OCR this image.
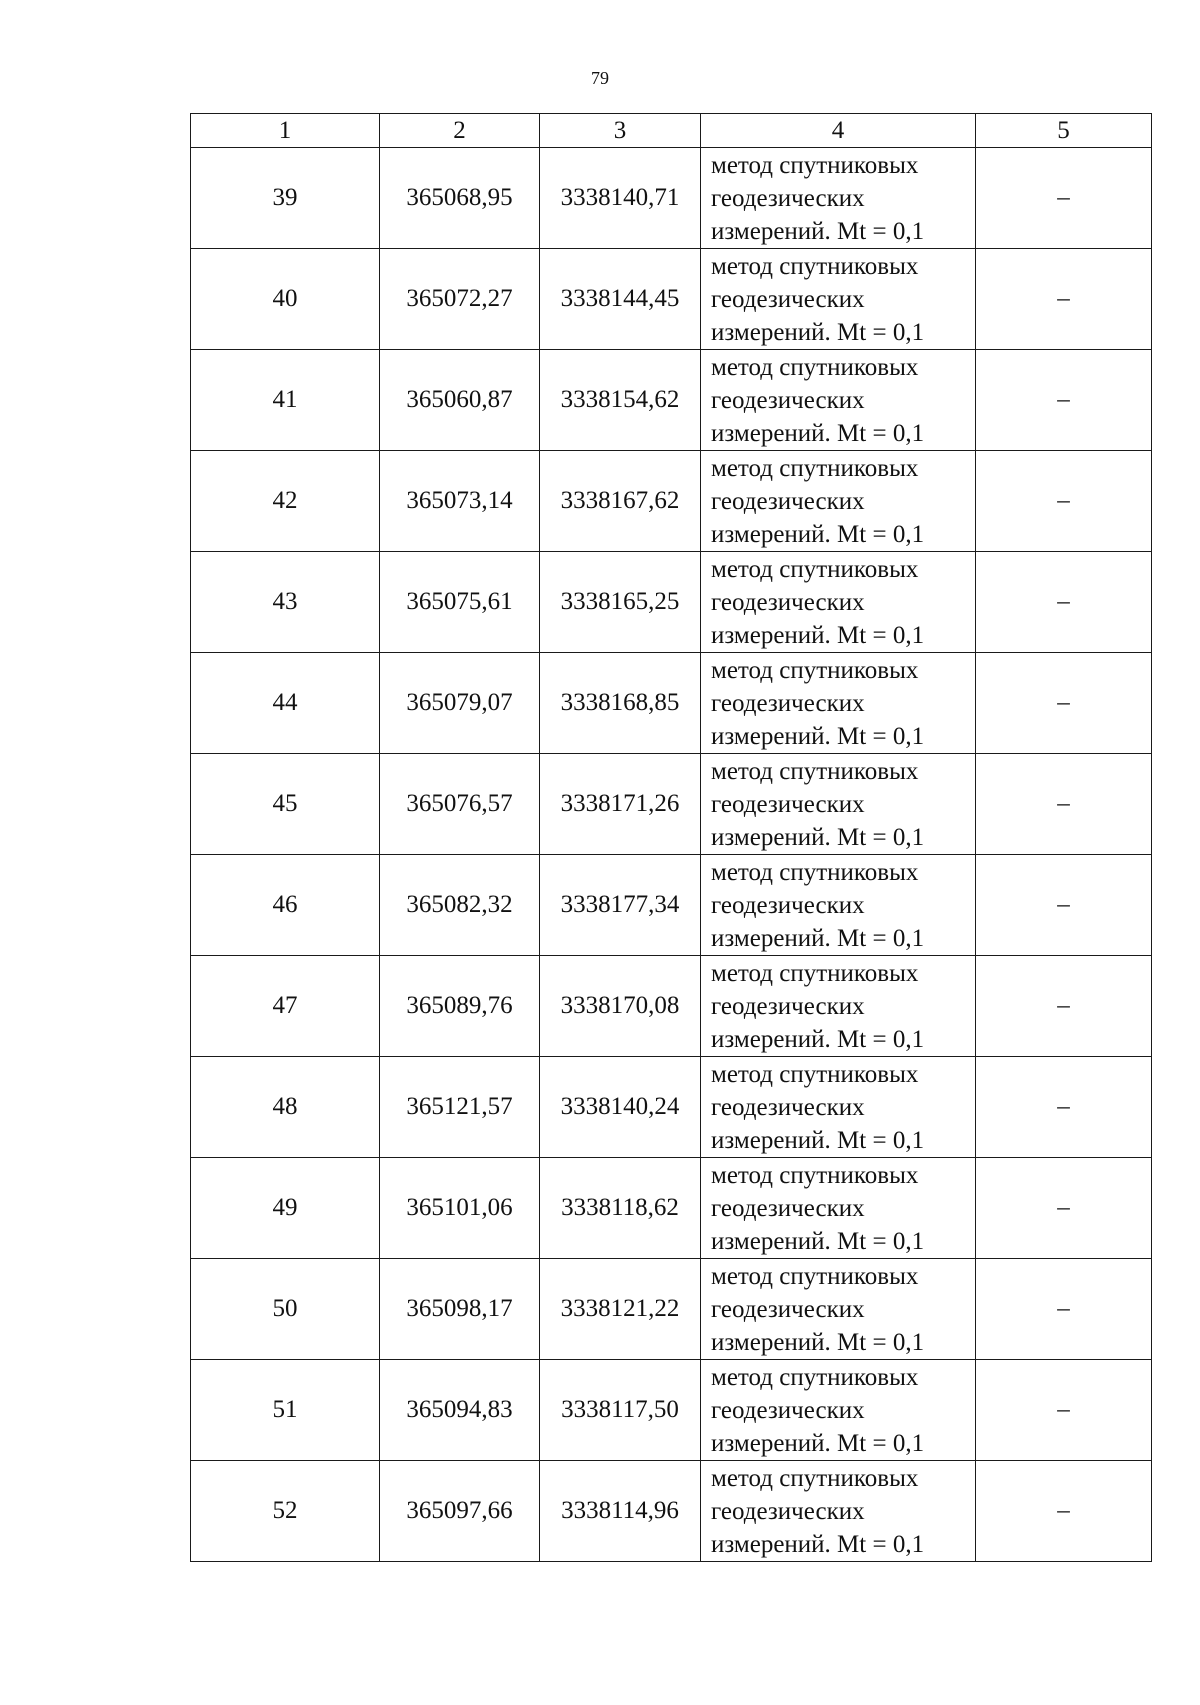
79
1	2	3	4	5
39	365068,95	3338140,71	метод спутниковых геодезических измерений. Mt = 0,1	–
40	365072,27	3338144,45	метод спутниковых геодезических измерений. Mt = 0,1	–
41	365060,87	3338154,62	метод спутниковых геодезических измерений. Mt = 0,1	–
42	365073,14	3338167,62	метод спутниковых геодезических измерений. Mt = 0,1	–
43	365075,61	3338165,25	метод спутниковых геодезических измерений. Mt = 0,1	–
44	365079,07	3338168,85	метод спутниковых геодезических измерений. Mt = 0,1	–
45	365076,57	3338171,26	метод спутниковых геодезических измерений. Mt = 0,1	–
46	365082,32	3338177,34	метод спутниковых геодезических измерений. Mt = 0,1	–
47	365089,76	3338170,08	метод спутниковых геодезических измерений. Mt = 0,1	–
48	365121,57	3338140,24	метод спутниковых геодезических измерений. Mt = 0,1	–
49	365101,06	3338118,62	метод спутниковых геодезических измерений. Mt = 0,1	–
50	365098,17	3338121,22	метод спутниковых геодезических измерений. Mt = 0,1	–
51	365094,83	3338117,50	метод спутниковых геодезических измерений. Mt = 0,1	–
52	365097,66	3338114,96	метод спутниковых геодезических измерений. Mt = 0,1	–
